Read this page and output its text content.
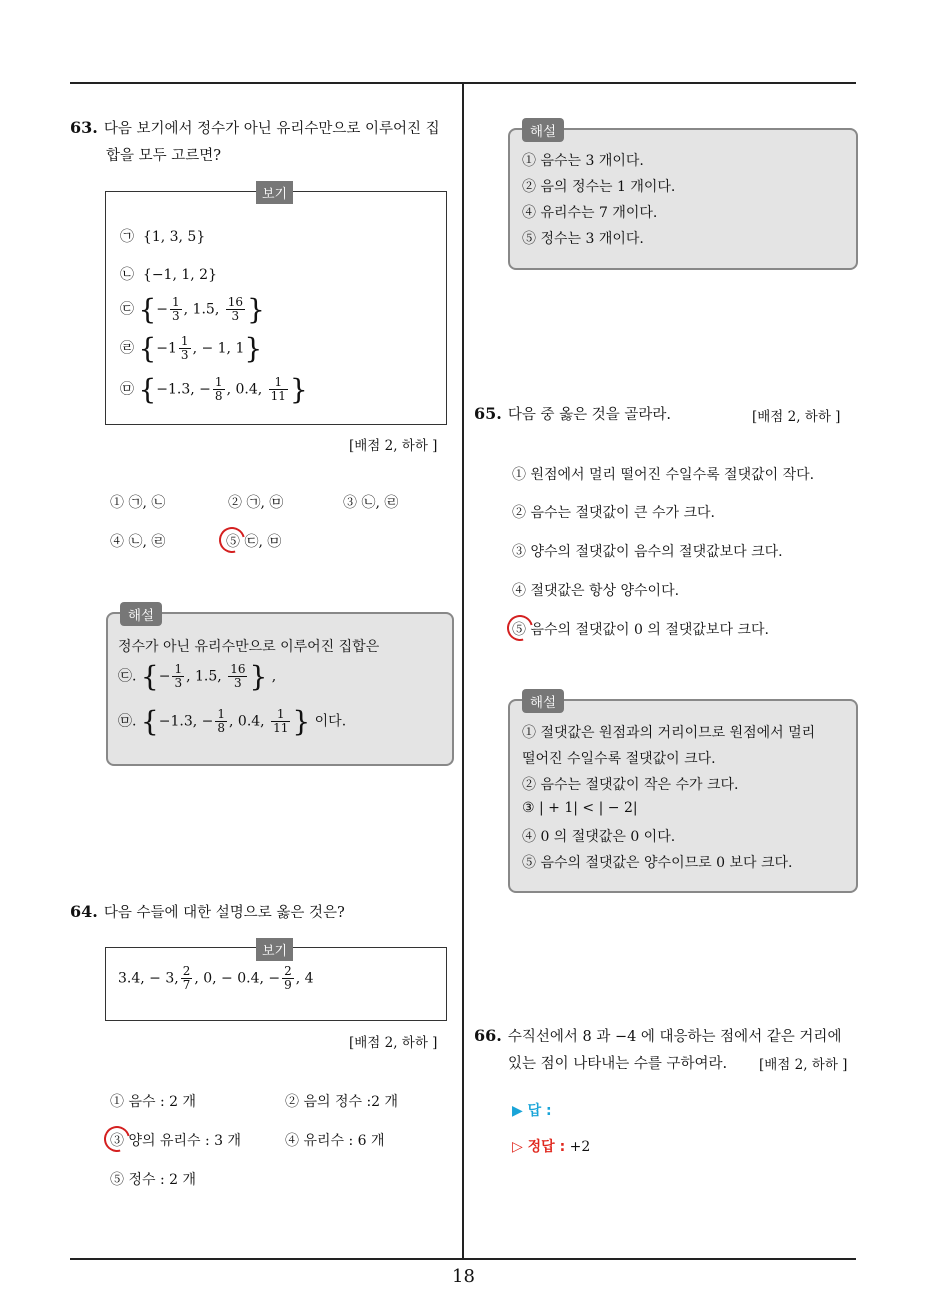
18
63. 다음 보기에서 정수가 아닌 유리수만으로 이루어진 집
합을 모두 고르면?
보기
㉠ {1, 3, 5}
㉡ {−1, 1, 2}
㉢ {− $\frac{1}{3}$ , 1.5, $\frac{16}{3}$ }
㉣ {$-1 \frac{1}{3}$ , − 1, 1}
㉤ {−1.3, − $\frac{1}{8}$ , 0.4, $\frac{1}{11}$ }
[배점 2, 하하 ]
① ㉠, ㉡	② ㉠, ㉤	③ ㉡, ㉣
④ ㉡, ㉣	⑤ ㉢, ㉤
해설
정수가 아닌 유리수만으로 이루어진 집합은
㉢. {− $\frac{1}{3}$ , 1.5, $\frac{16}{3}$ } ,
㉤. {−1.3, − $\frac{1}{8}$ , 0.4, $\frac{1}{11}$ } 이다.
64. 다음 수들에 대한 설명으로 옳은 것은?
보기
3.4, − 3, $\frac{2}{7}$ , 0, − 0.4, − $\frac{2}{9}$ , 4
[배점 2, 하하 ]
① 음수 : 2 개	② 음의 정수 :2 개
③ 양의 유리수 : 3 개	④ 유리수 : 6 개
⑤ 정수 : 2 개
해설
① 음수는 3 개이다.
② 음의 정수는 1 개이다.
④ 유리수는 7 개이다.
⑤ 정수는 3 개이다.
65. 다음 중 옳은 것을 골라라.	[배점 2, 하하 ]
① 원점에서 멀리 떨어진 수일수록 절댓값이 작다.
② 음수는 절댓값이 큰 수가 크다.
③ 양수의 절댓값이 음수의 절댓값보다 크다.
④ 절댓값은 항상 양수이다.
⑤ 음수의 절댓값이 0 의 절댓값보다 크다.
해설
① 절댓값은 원점과의 거리이므로 원점에서 멀리
떨어진 수일수록 절댓값이 크다.
② 음수는 절댓값이 작은 수가 크다.
③ | + 1| < | − 2|
④ 0 의 절댓값은 0 이다.
⑤ 음수의 절댓값은 양수이므로 0 보다 크다.
66. 수직선에서 8 과 −4 에 대응하는 점에서 같은 거리에
있는 점이 나타내는 수를 구하여라.	[배점 2, 하하 ]
▶ 답 :
▷ 정답 : +2
